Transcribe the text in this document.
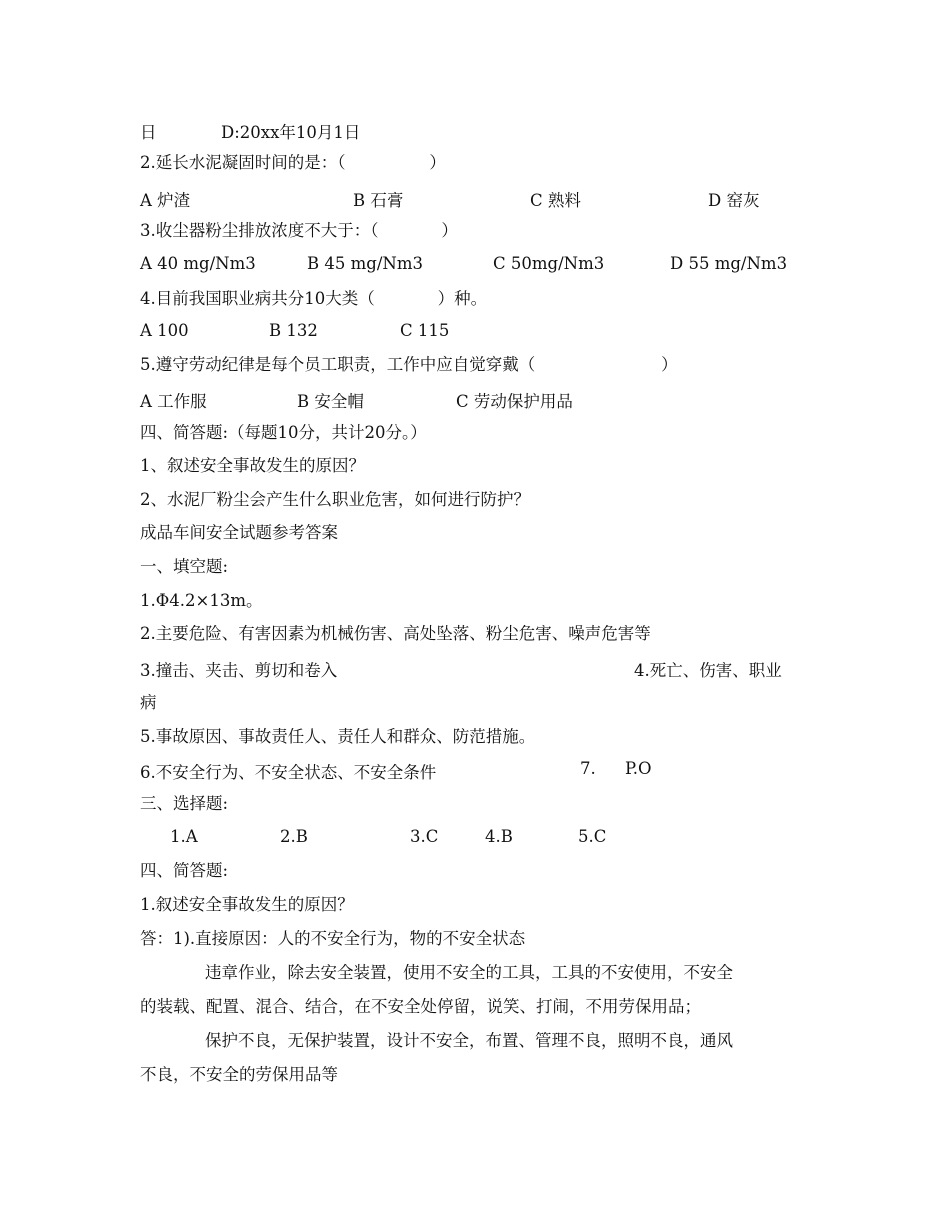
日	D:20xx年10月1日
2.延长水泥凝固时间的是：（                ）
A 炉渣	B 石膏	C 熟料	D 窑灰
3.收尘器粉尘排放浓度不大于：（            ）
A 40 mg/Nm3	B 45 mg/Nm3	C 50mg/Nm3	D 55 mg/Nm3
4.目前我国职业病共分10大类（            ）种。
A 100	B 132	C 115
5.遵守劳动纪律是每个员工职责，工作中应自觉穿戴（                        ）
A 工作服	B 安全帽	C 劳动保护用品
四、简答题:（每题10分，共计20分。）
1、叙述安全事故发生的原因？
2、水泥厂粉尘会产生什么职业危害，如何进行防护？
成品车间安全试题参考答案
一、填空题:
1.Φ4.2×13m。
2.主要危险、有害因素为机械伤害、高处坠落、粉尘危害、噪声危害等
3.撞击、夹击、剪切和卷入	4.死亡、伤害、职业
病
5.事故原因、事故责任人、责任人和群众、防范措施。
6.不安全行为、不安全状态、不安全条件	7. P.O
三、选择题:
1.A	2.B	3.C	4.B	5.C
四、简答题:
1.叙述安全事故发生的原因？
答：1).直接原因：人的不安全行为，物的不安全状态
违章作业，除去安全装置，使用不安全的工具，工具的不安使用，不安全
的装载、配置、混合、结合，在不安全处停留，说笑、打闹，不用劳保用品；
保护不良，无保护装置，设计不安全，布置、管理不良，照明不良，通风
不良，不安全的劳保用品等
